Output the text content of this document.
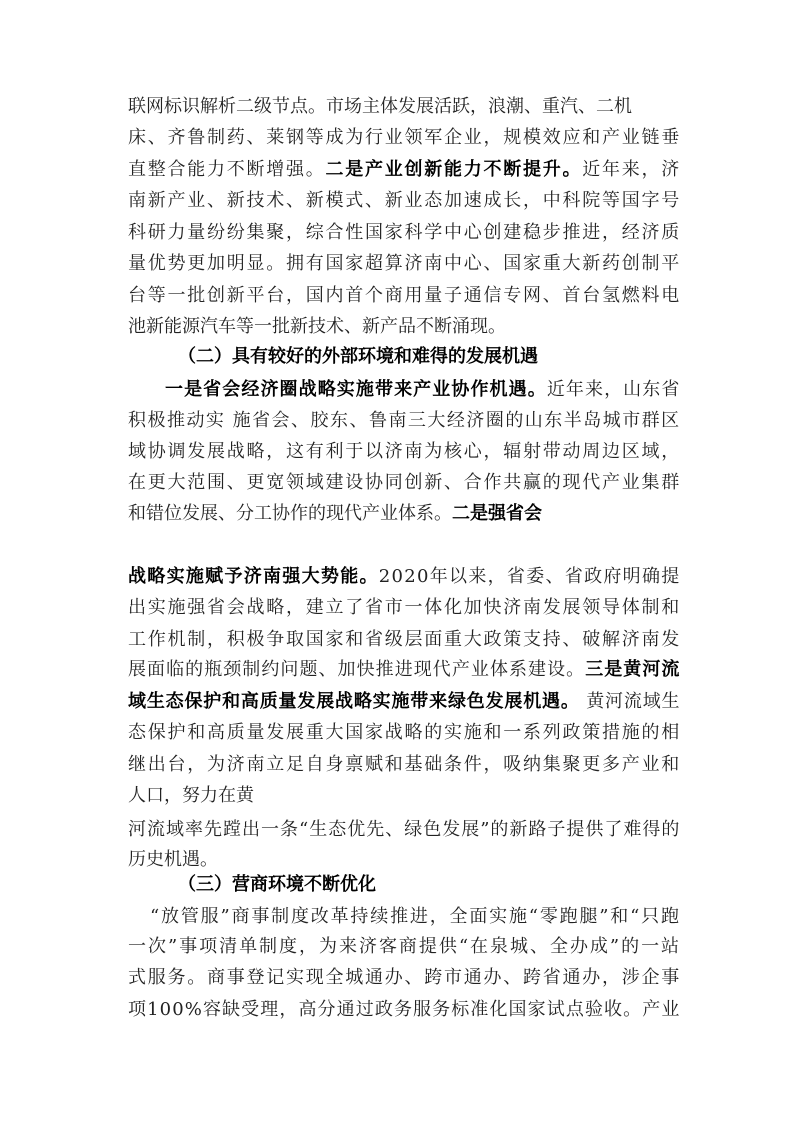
联网标识解析二级节点。市场主体发展活跃，浪潮、重汽、二机
床、齐鲁制药、莱钢等成为行业领军企业，规模效应和产业链垂
直整合能力不断增强。二是产业创新能力不断提升。近年来，济
南新产业、新技术、新模式、新业态加速成长，中科院等国字号
科研力量纷纷集聚，综合性国家科学中心创建稳步推进，经济质
量优势更加明显。拥有国家超算济南中心、国家重大新药创制平
台等一批创新平台，国内首个商用量子通信专网、首台氢燃料电
池新能源汽车等一批新技术、新产品不断涌现。
（二）具有较好的外部环境和难得的发展机遇
一是省会经济圈战略实施带来产业协作机遇。近年来，山东省
积极推动实 施省会、胶东、鲁南三大经济圈的山东半岛城市群区
域协调发展战略，这有利于以济南为核心，辐射带动周边区域，
在更大范围、更宽领域建设协同创新、合作共赢的现代产业集群
和错位发展、分工协作的现代产业体系。二是强省会
战略实施赋予济南强大势能。2020年以来，省委、省政府明确提
出实施强省会战略，建立了省市一体化加快济南发展领导体制和
工作机制，积极争取国家和省级层面重大政策支持、破解济南发
展面临的瓶颈制约问题、加快推进现代产业体系建设。三是黄河流
域生态保护和高质量发展战略实施带来绿色发展机遇。 黄河流域生
态保护和高质量发展重大国家战略的实施和一系列政策措施的相
继出台，为济南立足自身禀赋和基础条件，吸纳集聚更多产业和
人口，努力在黄
河流域率先蹚出一条“生态优先、绿色发展”的新路子提供了难得的
历史机遇。
（三）营商环境不断优化
“放管服”商事制度改革持续推进，全面实施“零跑腿”和“只跑
一次”事项清单制度，为来济客商提供“在泉城、全办成”的一站
式服务。商事登记实现全城通办、跨市通办、跨省通办，涉企事
项100%容缺受理，高分通过政务服务标准化国家试点验收。产业
